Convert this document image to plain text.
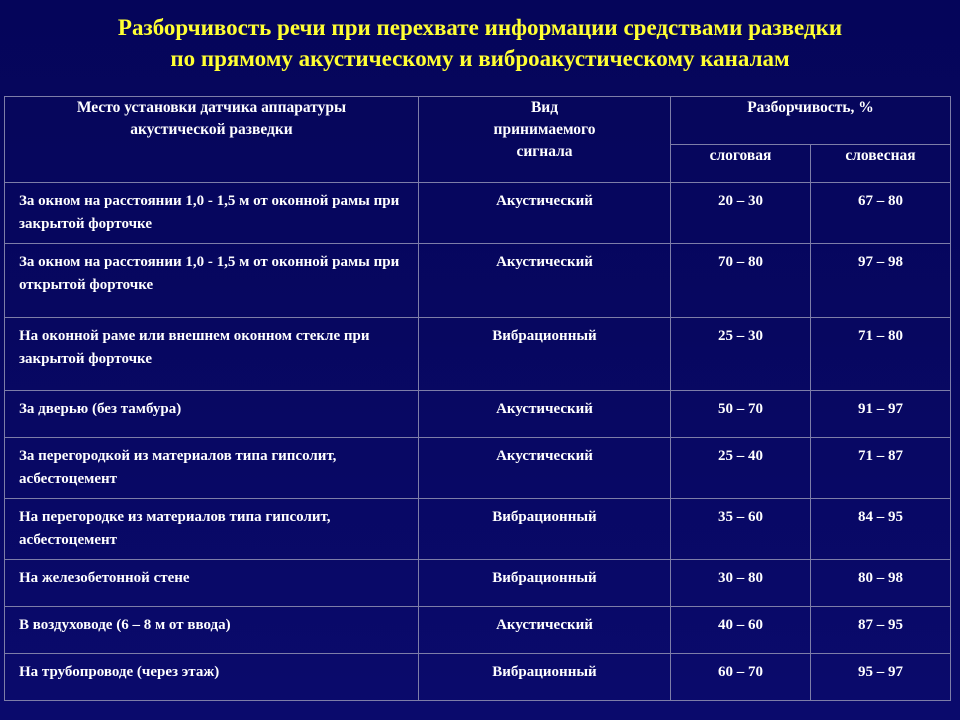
Разборчивость речи при перехвате информации средствами разведки
по прямому акустическому и виброакустическому каналам
Место установки датчика аппаратуры акустической разведки	Вид принимаемого сигнала	Разборчивость, %	
		слоговая	словесная
За окном на расстоянии 1,0 - 1,5 м от оконной рамы при закрытой форточке	Акустический	20 – 30	67 – 80
За окном на расстоянии 1,0 - 1,5 м от оконной рамы при открытой форточке	Акустический	70 – 80	97 – 98
На оконной раме или внешнем оконном стекле при закрытой форточке	Вибрационный	25 – 30	71 – 80
За дверью (без тамбура)	Акустический	50 – 70	91 – 97
За перегородкой из материалов типа гипсолит, асбестоцемент	Акустический	25 – 40	71 – 87
На перегородке из материалов типа гипсолит, асбестоцемент	Вибрационный	35 – 60	84 – 95
На железобетонной стене	Вибрационный	30 – 80	80 – 98
В воздуховоде (6 – 8 м от ввода)	Акустический	40 – 60	87 – 95
На трубопроводе (через этаж)	Вибрационный	60 – 70	95 – 97
